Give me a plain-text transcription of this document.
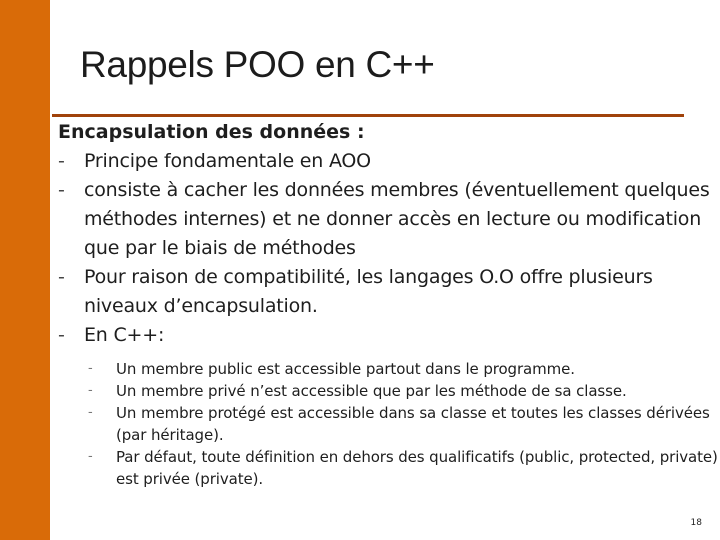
Rappels POO en C++

Encapsulation des données :

- Principe fondamentale en AOO
- consiste à cacher les données membres (éventuellement quelques méthodes internes) et ne donner accès en lecture ou modification que par le biais de méthodes
- Pour raison de compatibilité, les langages O.O offre plusieurs niveaux d’encapsulation.
- En C++:
- Un membre public est accessible partout dans le programme.
- Un membre privé n’est accessible que par les méthode de sa classe.
- Un membre protégé est accessible dans sa classe et toutes les classes dérivées (par héritage).
- Par défaut, toute définition en dehors des qualificatifs (public, protected, private) est privée (private).
18
